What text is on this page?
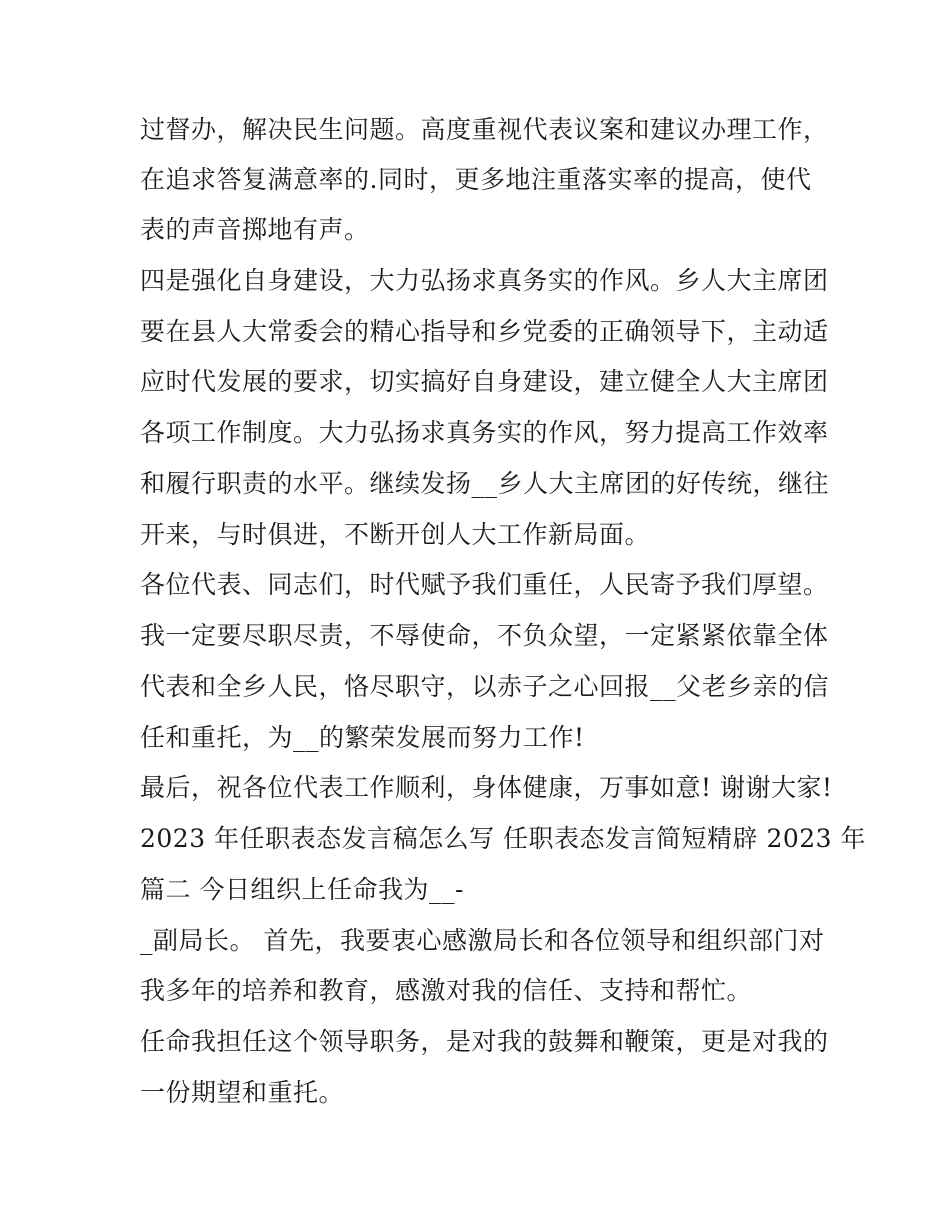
过督办，解决民生问题。高度重视代表议案和建议办理工作，
在追求答复满意率的.同时，更多地注重落实率的提高，使代
表的声音掷地有声。
四是强化自身建设，大力弘扬求真务实的作风。乡人大主席团
要在县人大常委会的精心指导和乡党委的正确领导下，主动适
应时代发展的要求，切实搞好自身建设，建立健全人大主席团
各项工作制度。大力弘扬求真务实的作风，努力提高工作效率
和履行职责的水平。继续发扬__乡人大主席团的好传统，继往
开来，与时俱进，不断开创人大工作新局面。
各位代表、同志们，时代赋予我们重任，人民寄予我们厚望。
我一定要尽职尽责，不辱使命，不负众望，一定紧紧依靠全体
代表和全乡人民，恪尽职守，以赤子之心回报__父老乡亲的信
任和重托，为__的繁荣发展而努力工作!
最后，祝各位代表工作顺利，身体健康，万事如意! 谢谢大家!
2023 年任职表态发言稿怎么写 任职表态发言简短精辟 2023 年
篇二 今日组织上任命我为__-
_副局长。 首先，我要衷心感激局长和各位领导和组织部门对
我多年的培养和教育，感激对我的信任、支持和帮忙。
任命我担任这个领导职务，是对我的鼓舞和鞭策，更是对我的
一份期望和重托。
